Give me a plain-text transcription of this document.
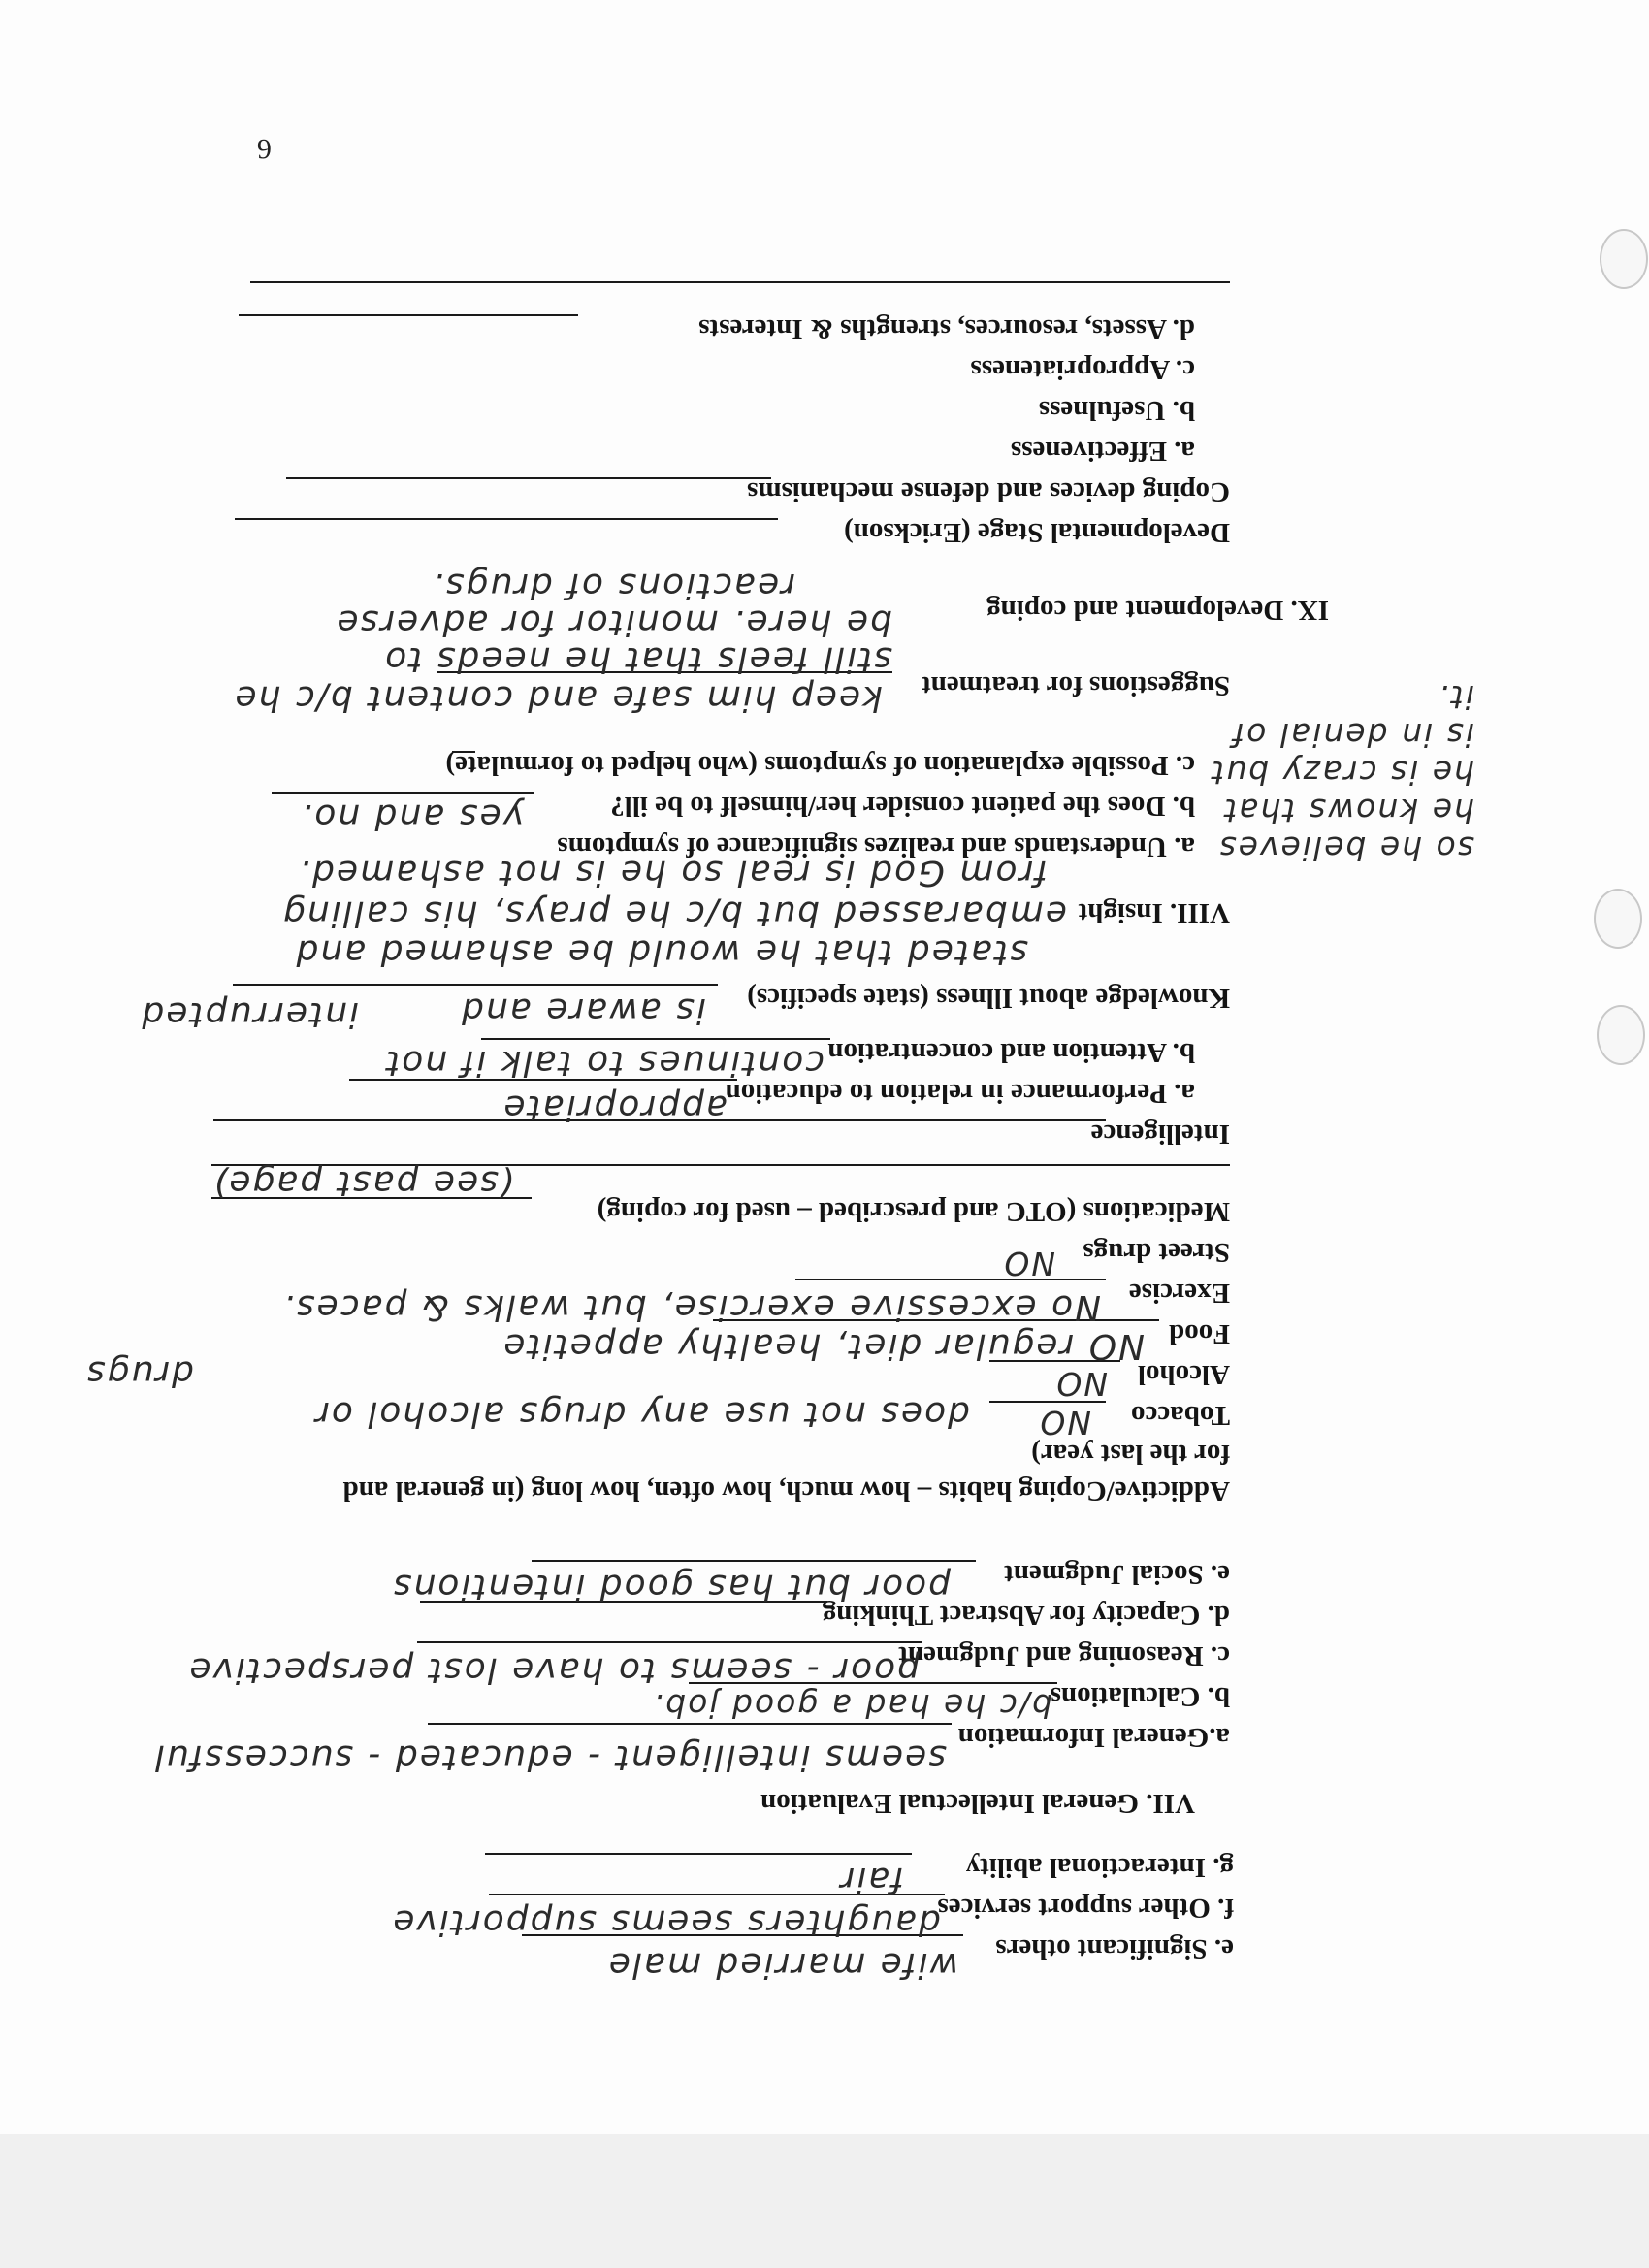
e. Significant others
wife married male
f. Other support services
daughters seems supportive
g. Interactional ability
fair
VII. General Intellectual Evaluation
a.General Information
seems intelligent - educated - successful
b. Calculations
b/c he had a good job.
c. Reasoning and Judgment
poor - seems to have lost perspective
d. Capacity for Abstract Thinking
e. Social Judgment
poor but has good intentions
Addictive/Coping habits – how much, how often, how long (in general and
for the last year)
Tobacco
NO
does not use any drugs alcohol or
drugs	Alcohol
NO
Food
NO regular diet, healthy appetite
Exercise
No excessive exercise, but walks & paces.
Street drugs
NO
Medications (OTC and prescribed – used for coping)
(see past page)
Intelligence
a. Performance in relation to education
appropriate
b. Attention and concentration
continues to talk if not
interrupted	Knowledge about Illness (state specifics)
is aware and
stated that he would be ashamed and
embarassed but b/c he prays, his calling
from God is real so he is not ashamed.
VIII. Insight
a. Understands and realizes significance of symptoms so he believes he knows that he is crazy but is in denial of it.
b. Does the patient consider her/himself to be ill?
yes and no.
c. Possible explanation of symptoms (who helped to formulate)
Suggestions for treatment
keep him safe and content b/c he
still feels that he needs to
be here. monitor for adverse
reactions of drugs.
IX. Development and coping
Developmental Stage (Erickson)
Coping devices and defense mechanisms
a. Effectiveness
b. Usefulness
c. Appropriateness
d. Assets, resources, strengths & Interests
6
